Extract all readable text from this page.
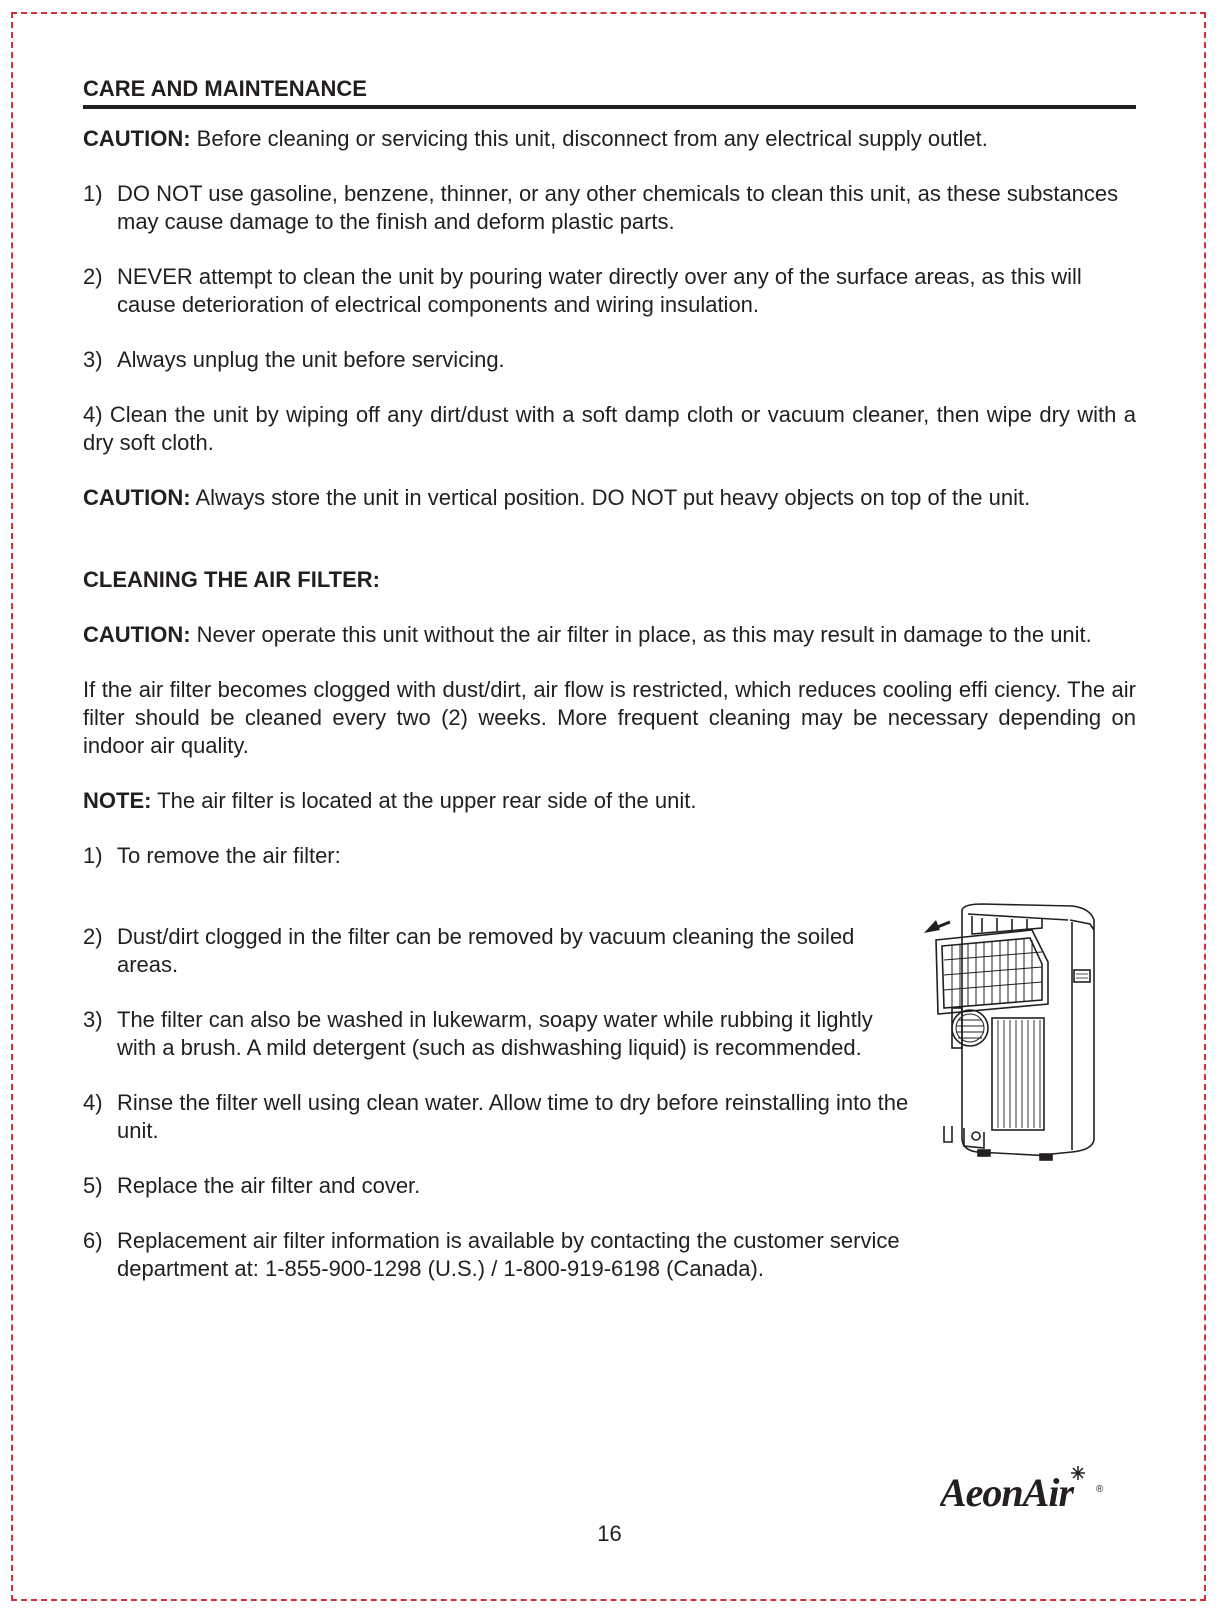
CARE AND MAINTENANCE

CAUTION: Before cleaning or servicing this unit, disconnect from any electrical supply outlet.

1) DO NOT use gasoline, benzene, thinner, or any other chemicals to clean this unit, as these substances may cause damage to the finish and deform plastic parts.
2) NEVER attempt to clean the unit by pouring water directly over any of the surface areas, as this will cause deterioration of electrical components and wiring insulation.
3) Always unplug the unit before servicing.

4) Clean the unit by wiping off any dirt/dust with a soft damp cloth or vacuum cleaner, then wipe dry with a dry soft cloth.

CAUTION: Always store the unit in vertical position. DO NOT put heavy objects on top of the unit.

CLEANING THE AIR FILTER:

CAUTION: Never operate this unit without the air filter in place, as this may result in damage to the unit.

If the air filter becomes clogged with dust/dirt, air flow is restricted, which reduces cooling effi ciency. The air filter should be cleaned every two (2) weeks. More frequent cleaning may be necessary depending on indoor air quality.

NOTE: The air filter is located at the upper rear side of the unit.

1) To remove the air filter:
2) Dust/dirt clogged in the filter can be removed by vacuum cleaning the soiled areas.
3) The filter can also be washed in lukewarm, soapy water while rubbing it lightly with a brush. A mild detergent (such as dishwashing liquid) is recommended.
4) Rinse the filter well using clean water. Allow time to dry before reinstalling into the unit.
5) Replace the air filter and cover.
6) Replacement air filter information is available by contacting the customer service department at: 1-855-900-1298 (U.S.) / 1-800-919-6198 (Canada).
AeonAir ®
16
